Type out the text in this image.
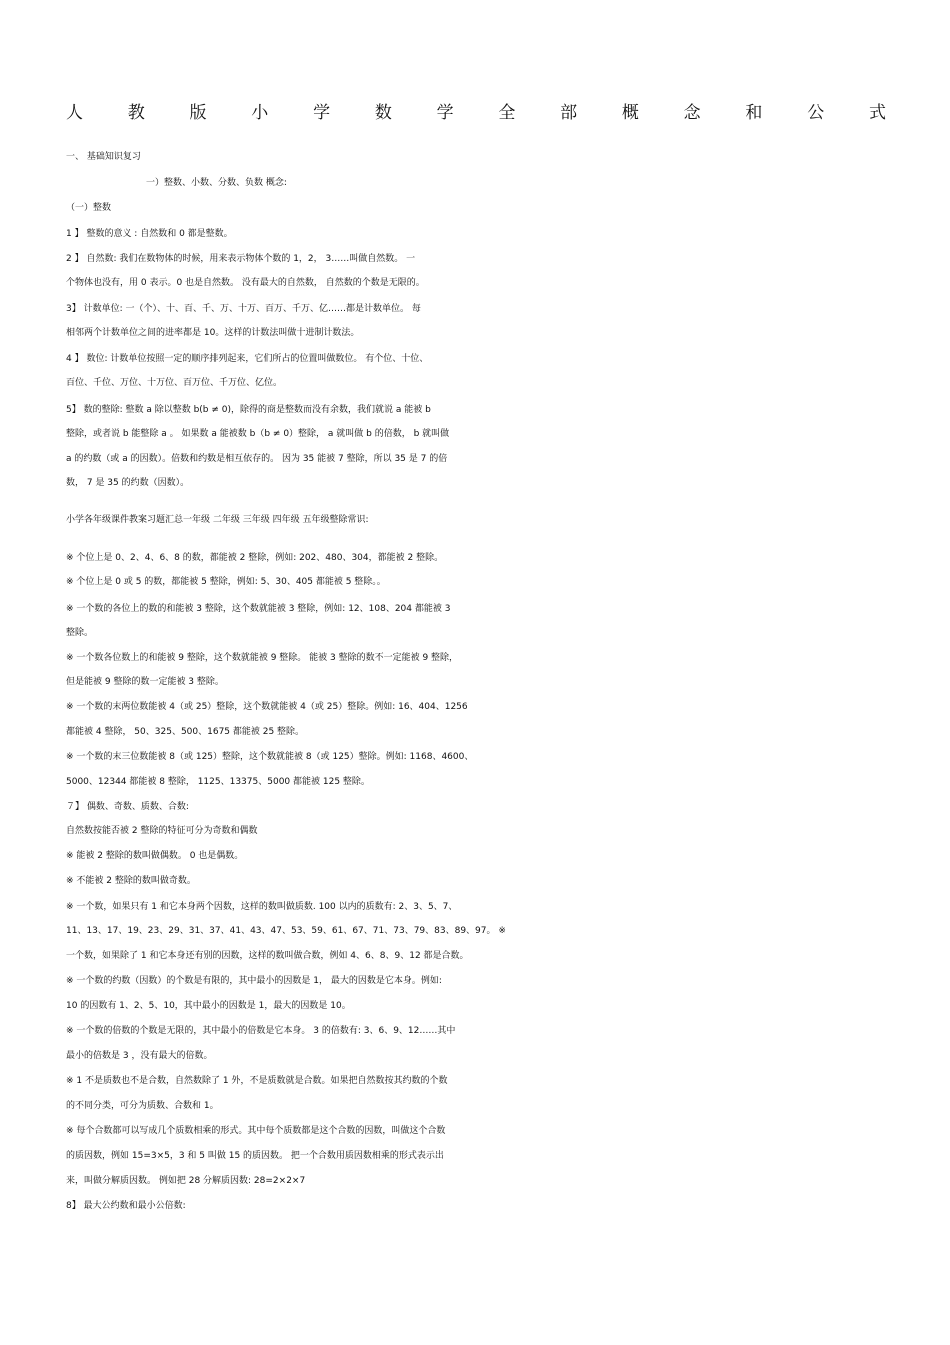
人	教	版	小	学	数	学	全	部	概	念	和	公	式
一、 基础知识复习
一）整数、小数、分数、负数 概念:
（一）整数
1 】 整数的意义 : 自然数和 0 都是整数。
2 】 自然数: 我们在数物体的时候，用来表示物体个数的 1，2， 3……叫做自然数。 一
个物体也没有，用 0 表示。0 也是自然数。 没有最大的自然数， 自然数的个数是无限的。
3】 计数单位: 一（个）、十、百、千、万、十万、百万、千万、亿……都是计数单位。 每
相邻两个计数单位之间的进率都是 10。这样的计数法叫做十进制计数法。
4 】 数位: 计数单位按照一定的顺序排列起来，它们所占的位置叫做数位。 有个位、十位、
百位、千位、万位、十万位、百万位、千万位、亿位。
5】 数的整除: 整数 a 除以整数 b(b ≠ 0)，除得的商是整数而没有余数，我们就说 a 能被 b
整除，或者说 b 能整除 a 。 如果数 a 能被数 b（b ≠ 0）整除， a 就叫做 b 的倍数， b 就叫做
a 的约数（或 a 的因数）。倍数和约数是相互依存的。 因为 35 能被 7 整除，所以 35 是 7 的倍
数， 7 是 35 的约数（因数）。
小学各年级课件教案习题汇总一年级 二年级 三年级 四年级 五年级整除常识:
※ 个位上是 0、2、4、6、8 的数，都能被 2 整除，例如: 202、480、304，都能被 2 整除。
※ 个位上是 0 或 5 的数，都能被 5 整除，例如: 5、30、405 都能被 5 整除。。
※ 一个数的各位上的数的和能被 3 整除，这个数就能被 3 整除，例如: 12、108、204 都能被 3
整除。
※ 一个数各位数上的和能被 9 整除，这个数就能被 9 整除。 能被 3 整除的数不一定能被 9 整除，
但是能被 9 整除的数一定能被 3 整除。
※ 一个数的末两位数能被 4（或 25）整除，这个数就能被 4（或 25）整除。例如: 16、404、1256
都能被 4 整除， 50、325、500、1675 都能被 25 整除。
※ 一个数的末三位数能被 8（或 125）整除，这个数就能被 8（或 125）整除。例如: 1168、4600、
5000、12344 都能被 8 整除， 1125、13375、5000 都能被 125 整除。
７】 偶数、奇数、质数、合数:
自然数按能否被 2 整除的特征可分为奇数和偶数
※ 能被 2 整除的数叫做偶数。 0 也是偶数。
※ 不能被 2 整除的数叫做奇数。
※ 一个数，如果只有 1 和它本身两个因数，这样的数叫做质数. 100 以内的质数有: 2、3、5、7、
11、13、17、19、23、29、31、37、41、43、47、53、59、61、67、71、73、79、83、89、97。 ※
一个数，如果除了 1 和它本身还有别的因数，这样的数叫做合数，例如 4、6、8、9、12 都是合数。
※ 一个数的约数（因数）的个数是有限的，其中最小的因数是 1， 最大的因数是它本身。例如:
10 的因数有 1、2、5、10，其中最小的因数是 1，最大的因数是 10。
※ 一个数的倍数的个数是无限的，其中最小的倍数是它本身。 3 的倍数有: 3、6、9、12……其中
最小的倍数是 3 ，没有最大的倍数。
※ 1 不是质数也不是合数，自然数除了 1 外，不是质数就是合数。如果把自然数按其约数的个数
的不同分类，可分为质数、合数和 1。
※ 每个合数都可以写成几个质数相乘的形式。其中每个质数都是这个合数的因数，叫做这个合数
的质因数，例如 15=3×5，3 和 5 叫做 15 的质因数。 把一个合数用质因数相乘的形式表示出
来，叫做分解质因数。 例如把 28 分解质因数: 28=2×2×7
8】 最大公约数和最小公倍数:
